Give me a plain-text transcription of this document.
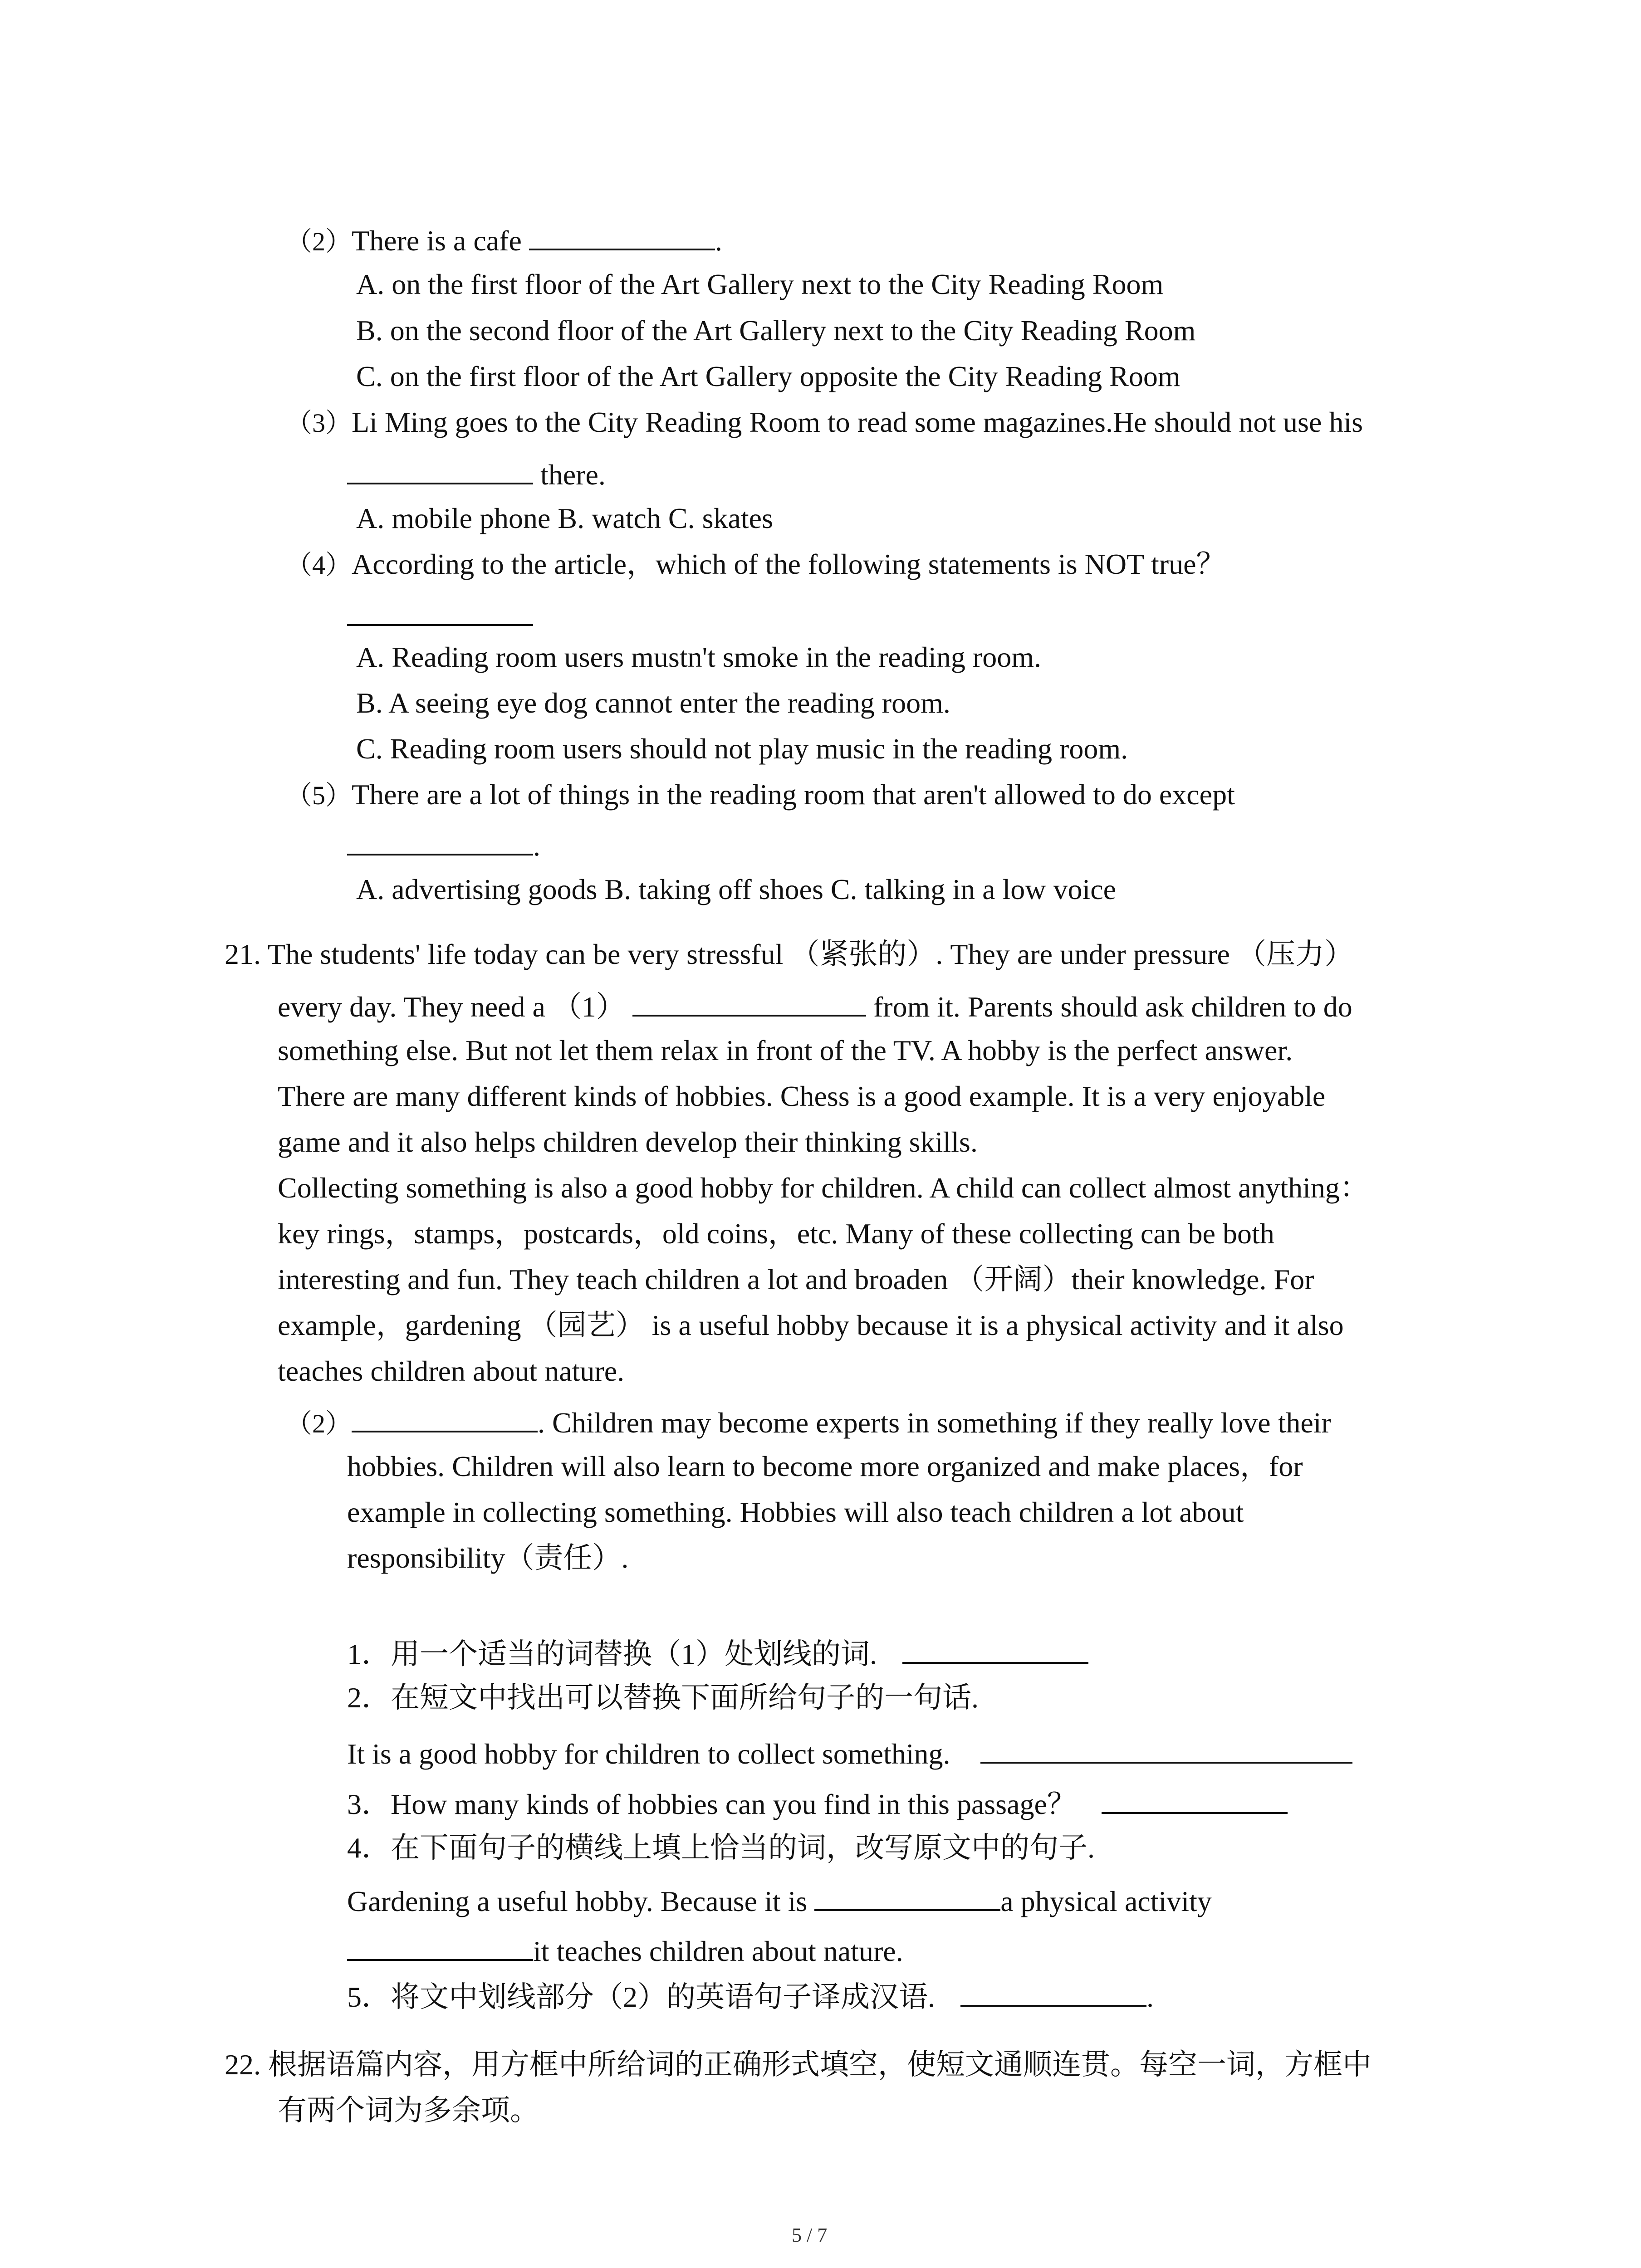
（2）There is a cafe	.
A. on the first floor of the Art Gallery next to the City Reading Room
B. on the second floor of the Art Gallery next to the City Reading Room
C. on the first floor of the Art Gallery opposite the City Reading Room
（3）Li Ming goes to the City Reading Room to read some magazines.He should not use his
there.
A. mobile phone B. watch C. skates
（4）According to the article，which of the following statements is NOT true？
A. Reading room users mustn't smoke in the reading room.
B. A seeing eye dog cannot enter the reading room.
C. Reading room users should not play music in the reading room.
（5）There are a lot of things in the reading room that aren't allowed to do except
.
A. advertising goods B. taking off shoes C. talking in a low voice
21. The students' life today can be very stressful （紧张的）. They are under pressure （压力）
every day. They need a （1）	from it. Parents should ask children to do
something else. But not let them relax in front of the TV. A hobby is the perfect answer.
There are many different kinds of hobbies. Chess is a good example. It is a very enjoyable
game and it also helps children develop their thinking skills.
Collecting something is also a good hobby for children. A child can collect almost anything：
key rings，stamps，postcards，old coins，etc. Many of these collecting can be both
interesting and fun. They teach children a lot and broaden （开阔）their knowledge. For
example，gardening （园艺） is a useful hobby because it is a physical activity and it also
teaches children about nature.
（2）	. Children may become experts in something if they really love their
hobbies. Children will also learn to become more organized and make places，for
example in collecting something. Hobbies will also teach children a lot about
responsibility（责任）.
1．用一个适当的词替换（1）处划线的词.
2．在短文中找出可以替换下面所给句子的一句话.
It is a good hobby for children to collect something.
3．How many kinds of hobbies can you find in this passage？
4．在下面句子的横线上填上恰当的词，改写原文中的句子.
Gardening a useful hobby. Because it is	a physical activity
it teaches children about nature.
5．将文中划线部分（2）的英语句子译成汉语.	.
22. 根据语篇内容，用方框中所给词的正确形式填空，使短文通顺连贯。每空一词，方框中
有两个词为多余项。
5 / 7
